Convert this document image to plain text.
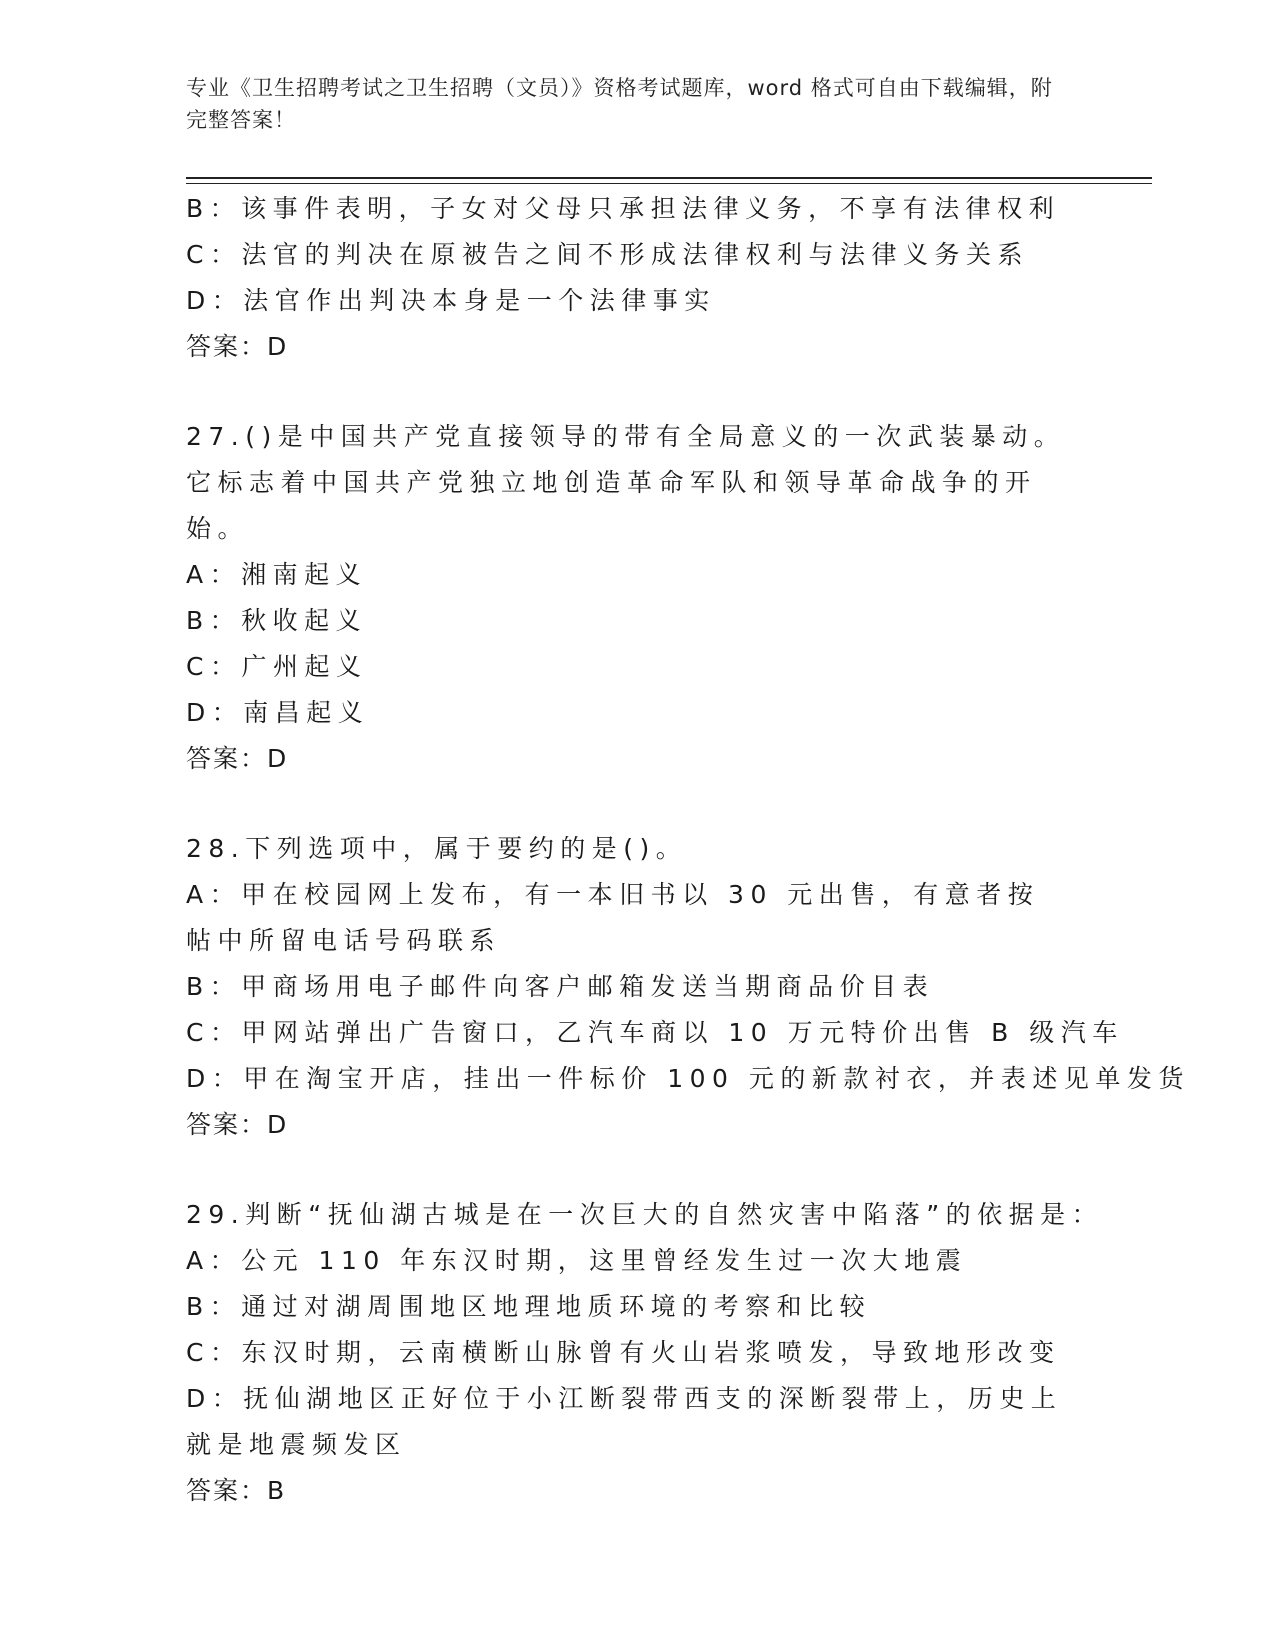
专业《卫生招聘考试之卫生招聘（文员）》资格考试题库，word 格式可自由下载编辑，附完整答案！
B：该事件表明，子女对父母只承担法律义务，不享有法律权利
C：法官的判决在原被告之间不形成法律权利与法律义务关系
D：法官作出判决本身是一个法律事实
答案：D
27.()是中国共产党直接领导的带有全局意义的一次武装暴动。它标志着中国共产党独立地创造革命军队和领导革命战争的开始。
A：湘南起义
B：秋收起义
C：广州起义
D：南昌起义
答案：D
28.下列选项中，属于要约的是()。
A：甲在校园网上发布，有一本旧书以 30 元出售，有意者按帖中所留电话号码联系
B：甲商场用电子邮件向客户邮箱发送当期商品价目表
C：甲网站弹出广告窗口，乙汽车商以 10 万元特价出售 B 级汽车
D：甲在淘宝开店，挂出一件标价 100 元的新款衬衣，并表述见单发货
答案：D
29.判断“抚仙湖古城是在一次巨大的自然灾害中陷落”的依据是：
A：公元 110 年东汉时期，这里曾经发生过一次大地震
B：通过对湖周围地区地理地质环境的考察和比较
C：东汉时期，云南横断山脉曾有火山岩浆喷发，导致地形改变
D：抚仙湖地区正好位于小江断裂带西支的深断裂带上，历史上就是地震频发区
答案：B
